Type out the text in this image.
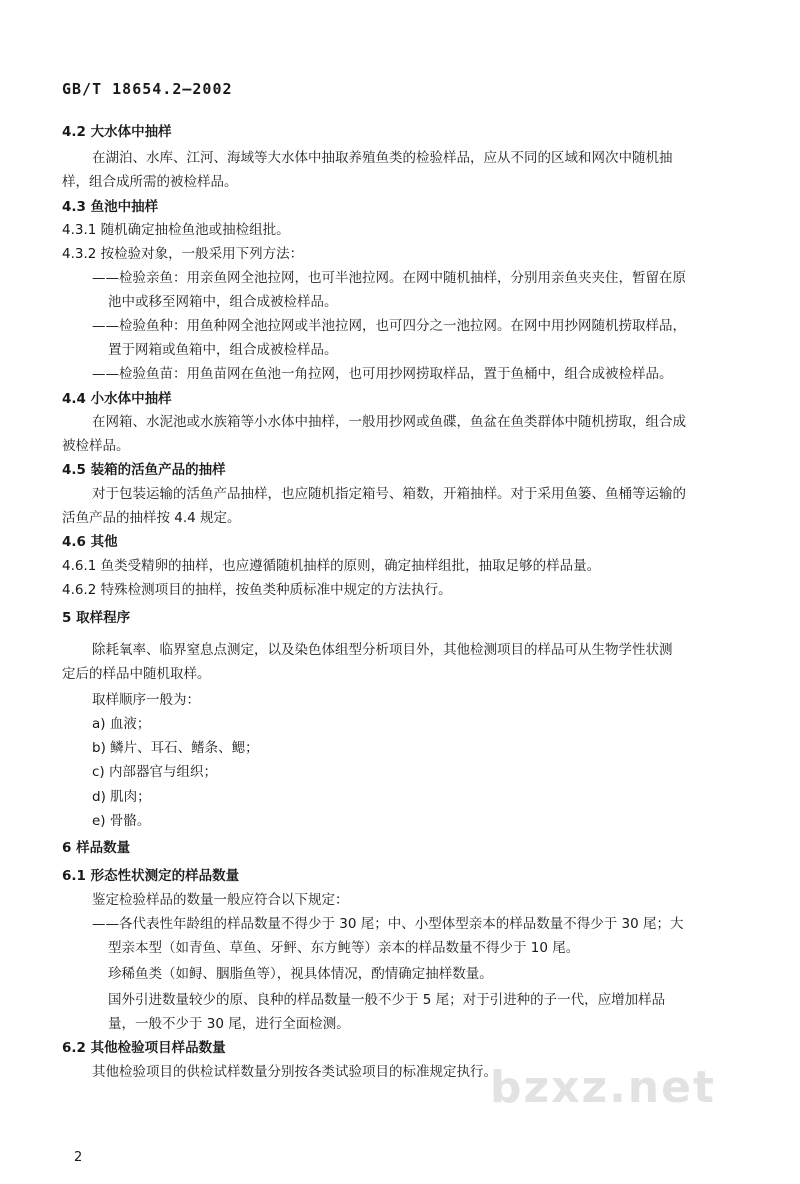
GB/T 18654.2—2002
4.2 大水体中抽样
在湖泊、水库、江河、海域等大水体中抽取养殖鱼类的检验样品，应从不同的区域和网次中随机抽
样，组合成所需的被检样品。
4.3 鱼池中抽样
4.3.1 随机确定抽检鱼池或抽检组批。
4.3.2 按检验对象，一般采用下列方法：
——检验亲鱼：用亲鱼网全池拉网，也可半池拉网。在网中随机抽样，分别用亲鱼夹夹住，暂留在原
池中或移至网箱中，组合成被检样品。
——检验鱼种：用鱼种网全池拉网或半池拉网，也可四分之一池拉网。在网中用抄网随机捞取样品，
置于网箱或鱼箱中，组合成被检样品。
——检验鱼苗：用鱼苗网在鱼池一角拉网，也可用抄网捞取样品，置于鱼桶中，组合成被检样品。
4.4 小水体中抽样
在网箱、水泥池或水族箱等小水体中抽样，一般用抄网或鱼碟，鱼盆在鱼类群体中随机捞取，组合成
被检样品。
4.5 装箱的活鱼产品的抽样
对于包装运输的活鱼产品抽样，也应随机指定箱号、箱数，开箱抽样。对于采用鱼篓、鱼桶等运输的
活鱼产品的抽样按 4.4 规定。
4.6 其他
4.6.1 鱼类受精卵的抽样，也应遵循随机抽样的原则，确定抽样组批，抽取足够的样品量。
4.6.2 特殊检测项目的抽样，按鱼类种质标准中规定的方法执行。
5 取样程序
除耗氧率、临界窒息点测定，以及染色体组型分析项目外，其他检测项目的样品可从生物学性状测
定后的样品中随机取样。
取样顺序一般为：
a) 血液；
b) 鳞片、耳石、鳍条、鳃；
c) 内部器官与组织；
d) 肌肉；
e) 骨骼。
6 样品数量
6.1 形态性状测定的样品数量
鉴定检验样品的数量一般应符合以下规定：
——各代表性年龄组的样品数量不得少于 30 尾；中、小型体型亲本的样品数量不得少于 30 尾；大
型亲本型（如青鱼、草鱼、牙鲆、东方鲀等）亲本的样品数量不得少于 10 尾。
珍稀鱼类（如鲟、胭脂鱼等），视具体情况，酌情确定抽样数量。
国外引进数量较少的原、良种的样品数量一般不少于 5 尾；对于引进种的子一代，应增加样品
量，一般不少于 30 尾，进行全面检测。
6.2 其他检验项目样品数量
其他检验项目的供检试样数量分别按各类试验项目的标准规定执行。
bzxz.net
2
